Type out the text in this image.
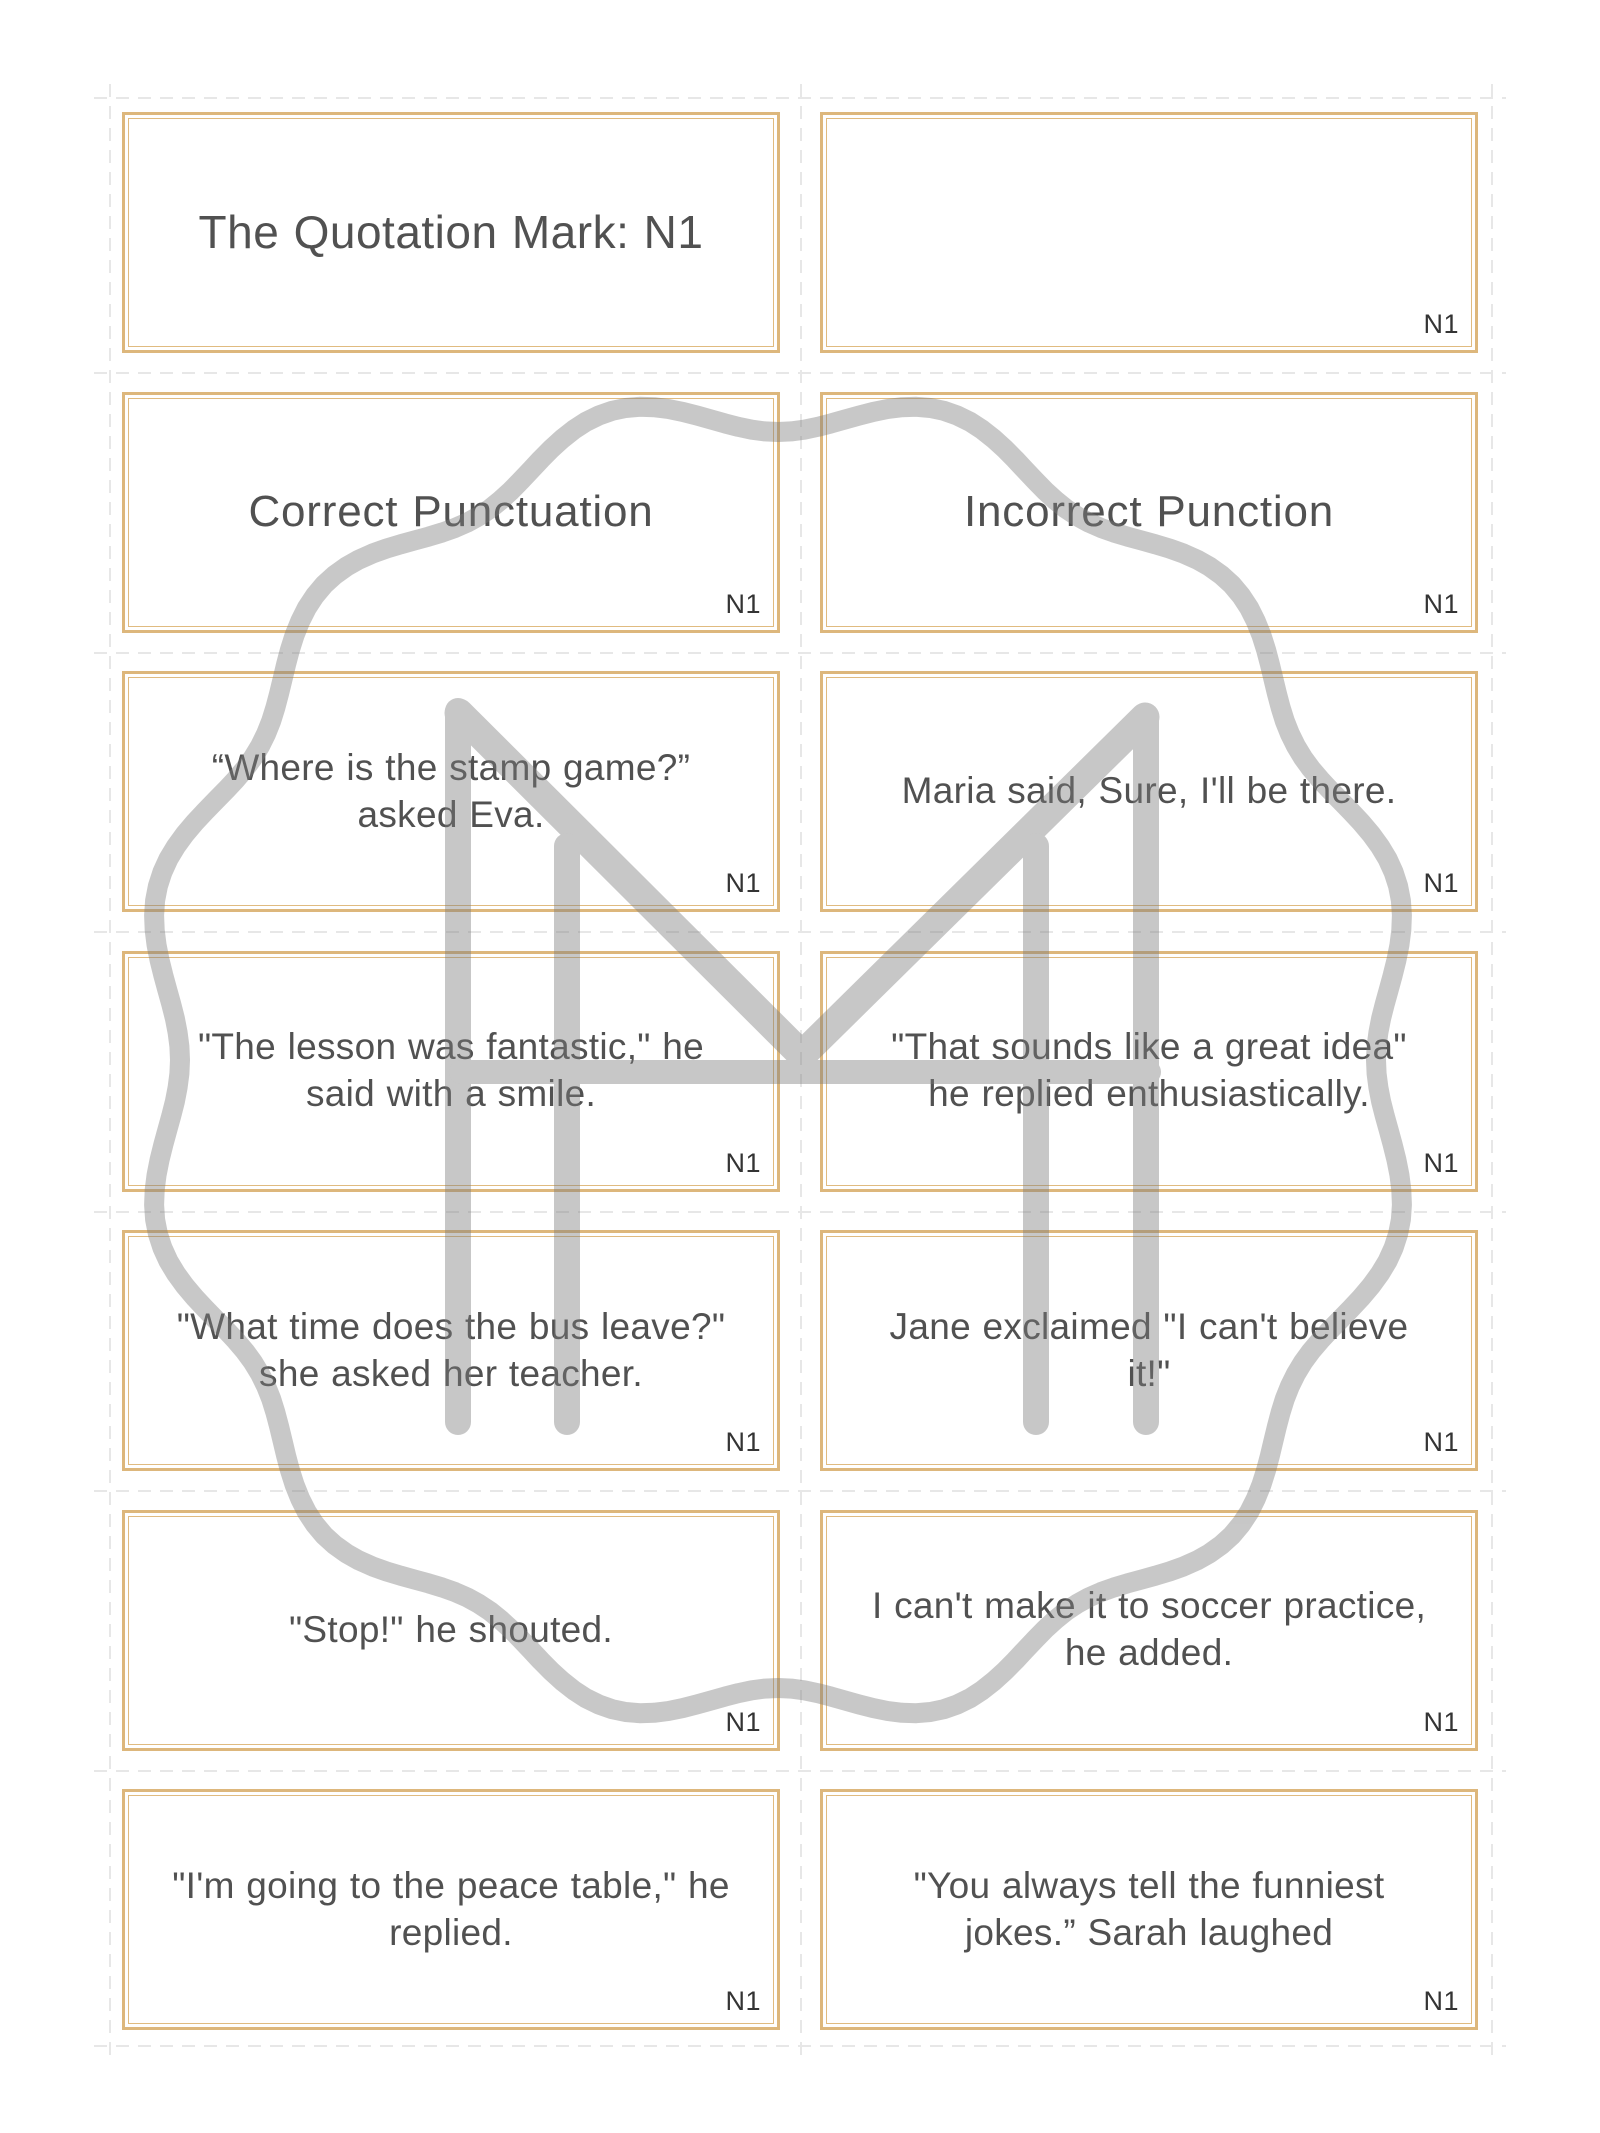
The Quotation Mark: N1
N1
Correct Punctuation
N1
Incorrect Punction
N1
“Where is the stamp game?” asked Eva.
N1
Maria said, Sure, I'll be there.
N1
"The lesson was fantastic," he said with a smile.
N1
"That sounds like a great idea" he replied enthusiastically.
N1
"What time does the bus leave?" she asked her teacher.
N1
Jane exclaimed "I can't believe it!"
N1
"Stop!" he shouted.
N1
I can't make it to soccer practice, he added.
N1
"I'm going to the peace table," he replied.
N1
"You always tell the funniest jokes.” Sarah laughed
N1
